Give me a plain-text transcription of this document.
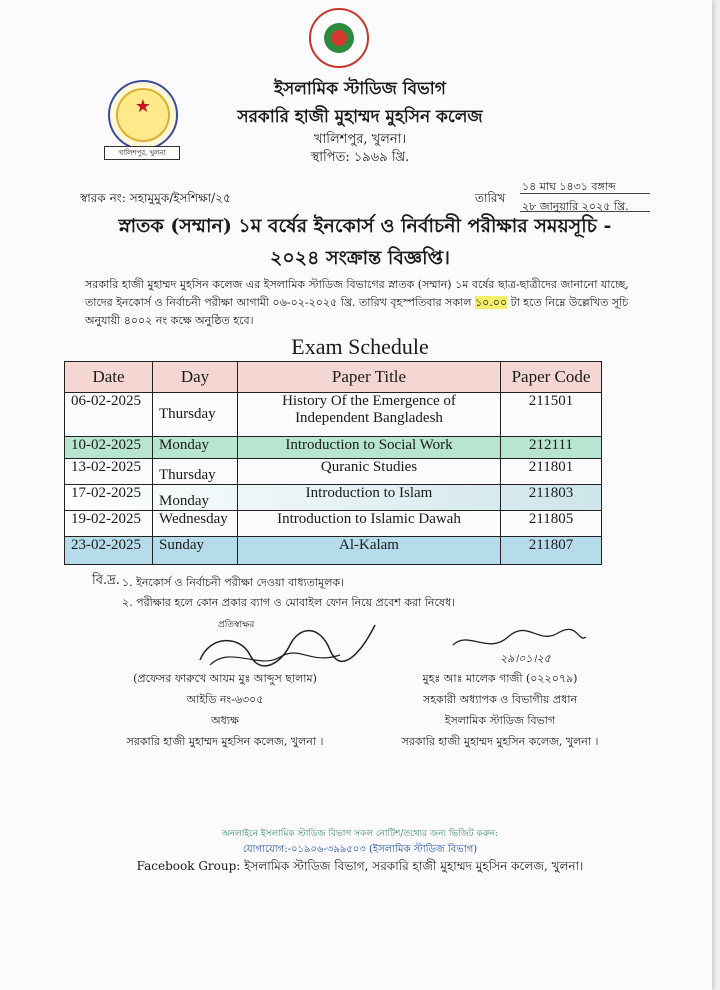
★
খালিশপুর, খুলনা
ইসলামিক স্টাডিজ বিভাগ
সরকারি হাজী মুহাম্মদ মুহসিন কলেজ
খালিশপুর, খুলনা।
স্থাপিত: ১৯৬৯ খ্রি.
স্বারক নং: সহামুমুক/ইসশিক্ষা/২৫	তারিখ
১৪ মাঘ ১৪৩১ বঙ্গাব্দ
২৮ জানুয়ারি ২০২৫ খ্রি.
স্নাতক (সম্মান) ১ম বর্ষের ইনকোর্স ও নির্বাচনী পরীক্ষার সময়সূচি -
২০২৪ সংক্রান্ত বিজ্ঞপ্তি।
সরকারি হাজী মুহাম্মদ মুহসিন কলেজ এর ইসলামিক স্টাডিজ বিভাগের স্নাতক (সম্মান) ১ম বর্ষের ছাত্র-ছাত্রীদের জানানো যাচ্ছে, তাদের ইনকোর্স ও নির্বাচনী পরীক্ষা আগামী ০৬-০২-২০২৫ খ্রি. তারিখ বৃহস্পতিবার সকাল ১০.০০ টা হতে নিম্নে উল্লেখিত সূচি অনুযায়ী ৪০০২ নং কক্ষে অনুষ্ঠিত হবে।
Exam Schedule
Date	Day	Paper Title	Paper Code
06-02-2025	Thursday	History Of the Emergence of Independent Bangladesh	211501
10-02-2025	Monday	Introduction to Social Work	212111
13-02-2025	Thursday	Quranic Studies	211801
17-02-2025	Monday	Introduction to Islam	211803
19-02-2025	Wednesday	Introduction to Islamic Dawah	211805
23-02-2025	Sunday	Al-Kalam	211807
বি.দ্র. ১. ইনকোর্স ও নির্বাচনী পরীক্ষা দেওয়া বাধ্যতামূলক।
২. পরীক্ষার হলে কোন প্রকার ব্যাগ ও মোবাইল ফোন নিয়ে প্রবেশ করা নিষেধ।
প্রতিস্বাক্ষর
২৯।০১।২৫
(প্রফেসর ফারুখে আযম মুঃ আব্দুস ছালাম)
আইডি নং-৬৩০৫
অধ্যক্ষ
সরকারি হাজী মুহাম্মদ মুহসিন কলেজ, খুলনা ।
মুহঃ আঃ মালেক গাজী (০২২০৭৯)
সহকারী অধ্যাপক ও বিভাগীয় প্রধান
ইসলামিক স্টাডিজ বিভাগ
সরকারি হাজী মুহাম্মদ মুহসিন কলেজ, খুলনা ।
অনলাইনে ইসলামিক স্টাডিজ বিভাগ সকল নোটিশ/তথ্যের জন্য ভিজিট করুন:
যোগাযোগ:-০১৯০৬-৩৯৯৫০৩ (ইসলামিক স্টাডিজ বিভাগ)
Facebook Group: ইসলামিক স্টাডিজ বিভাগ, সরকারি হাজী মুহাম্মদ মুহসিন কলেজ, খুলনা।
